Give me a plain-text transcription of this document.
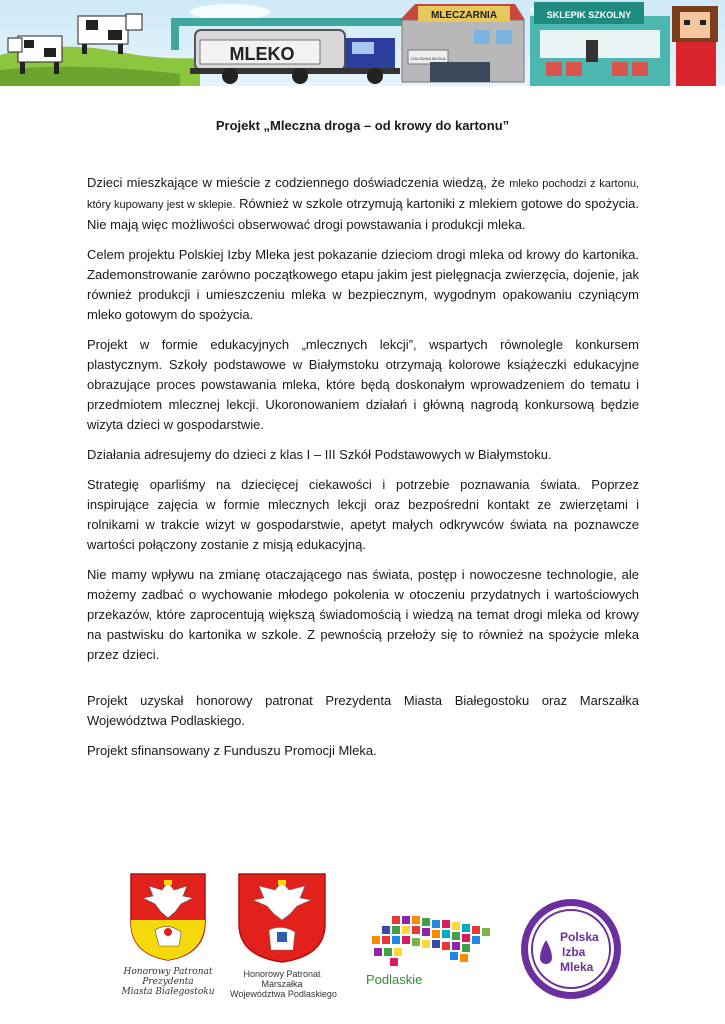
MLEKO
MLECZARNIA
CHŁODNIA MLEKA
SKLEPIK SZKOLNY
Projekt „Mleczna droga – od krowy do kartonu”

Dzieci mieszkające w mieście z codziennego doświadczenia wiedzą, że mleko pochodzi z kartonu, który kupowany jest w sklepie. Również w szkole otrzymują kartoniki z mlekiem gotowe do spożycia. Nie mają więc możliwości obserwować drogi powstawania i produkcji mleka.

Celem projektu Polskiej Izby Mleka jest pokazanie dzieciom drogi mleka od krowy do kartonika. Zademonstrowanie zarówno początkowego etapu jakim jest pielęgnacja zwierzęcia, dojenie, jak również produkcji i umieszczeniu mleka w bezpiecznym, wygodnym opakowaniu czyniącym mleko gotowym do spożycia.

Projekt w formie edukacyjnych „mlecznych lekcji”, wspartych równolegle konkursem plastycznym. Szkoły podstawowe w Białymstoku otrzymają kolorowe książeczki edukacyjne obrazujące proces powstawania mleka, które będą doskonałym wprowadzeniem do tematu i przedmiotem mlecznej lekcji. Ukoronowaniem działań i główną nagrodą konkursową będzie wizyta dzieci w gospodarstwie.

Działania adresujemy do dzieci z klas I – III Szkół Podstawowych w Białymstoku.

Strategię oparliśmy na dziecięcej ciekawości i potrzebie poznawania świata. Poprzez inspirujące zajęcia w formie mlecznych lekcji oraz bezpośredni kontakt ze zwierzętami i rolnikami w trakcie wizyt w gospodarstwie, apetyt małych odkrywców świata na poznawcze wartości połączony zostanie z misją edukacyjną.

Nie mamy wpływu na zmianę otaczającego nas świata, postęp i nowoczesne technologie, ale możemy zadbać o wychowanie młodego pokolenia w otoczeniu przydatnych i wartościowych przekazów, które zaprocentują większą świadomością i wiedzą na temat drogi mleka od krowy na pastwisku do kartonika w szkole. Z pewnością przełoży się to również na spożycie mleka przez dzieci.

Projekt uzyskał honorowy patronat Prezydenta Miasta Białegostoku oraz Marszałka Województwa Podlaskiego.

Projekt sfinansowany z Funduszu Promocji Mleka.

Honorowy Patronat
Prezydenta
Miasta Białegostoku
Honorowy Patronat
Marszałka
Województwa Podlaskiego
Podlaskie
Polska
Izba
Mleka
